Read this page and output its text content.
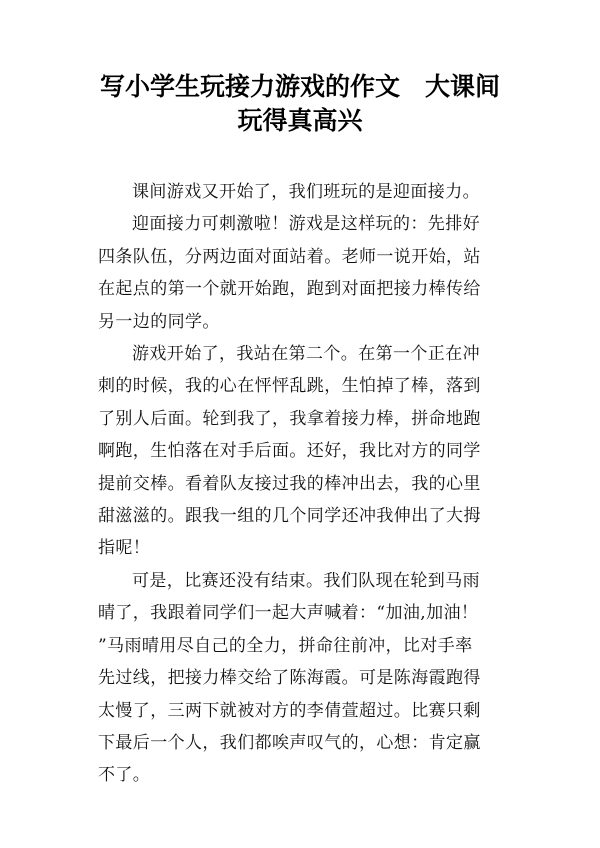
写小学生玩接力游戏的作文　大课间
玩得真高兴

课间游戏又开始了，我们班玩的是迎面接力。

迎面接力可刺激啦！游戏是这样玩的：先排好
四条队伍，分两边面对面站着。老师一说开始，站
在起点的第一个就开始跑，跑到对面把接力棒传给
另一边的同学。

游戏开始了，我站在第二个。在第一个正在冲
刺的时候，我的心在怦怦乱跳，生怕掉了棒，落到
了别人后面。轮到我了，我拿着接力棒，拼命地跑
啊跑，生怕落在对手后面。还好，我比对方的同学
提前交棒。看着队友接过我的棒冲出去，我的心里
甜滋滋的。跟我一组的几个同学还冲我伸出了大拇
指呢！

可是，比赛还没有结束。我们队现在轮到马雨
晴了，我跟着同学们一起大声喊着：“加油,加油！
”马雨晴用尽自己的全力，拼命往前冲，比对手率
先过线，把接力棒交给了陈海霞。可是陈海霞跑得
太慢了，三两下就被对方的李倩萱超过。比赛只剩
下最后一个人，我们都唉声叹气的，心想：肯定赢
不了。
